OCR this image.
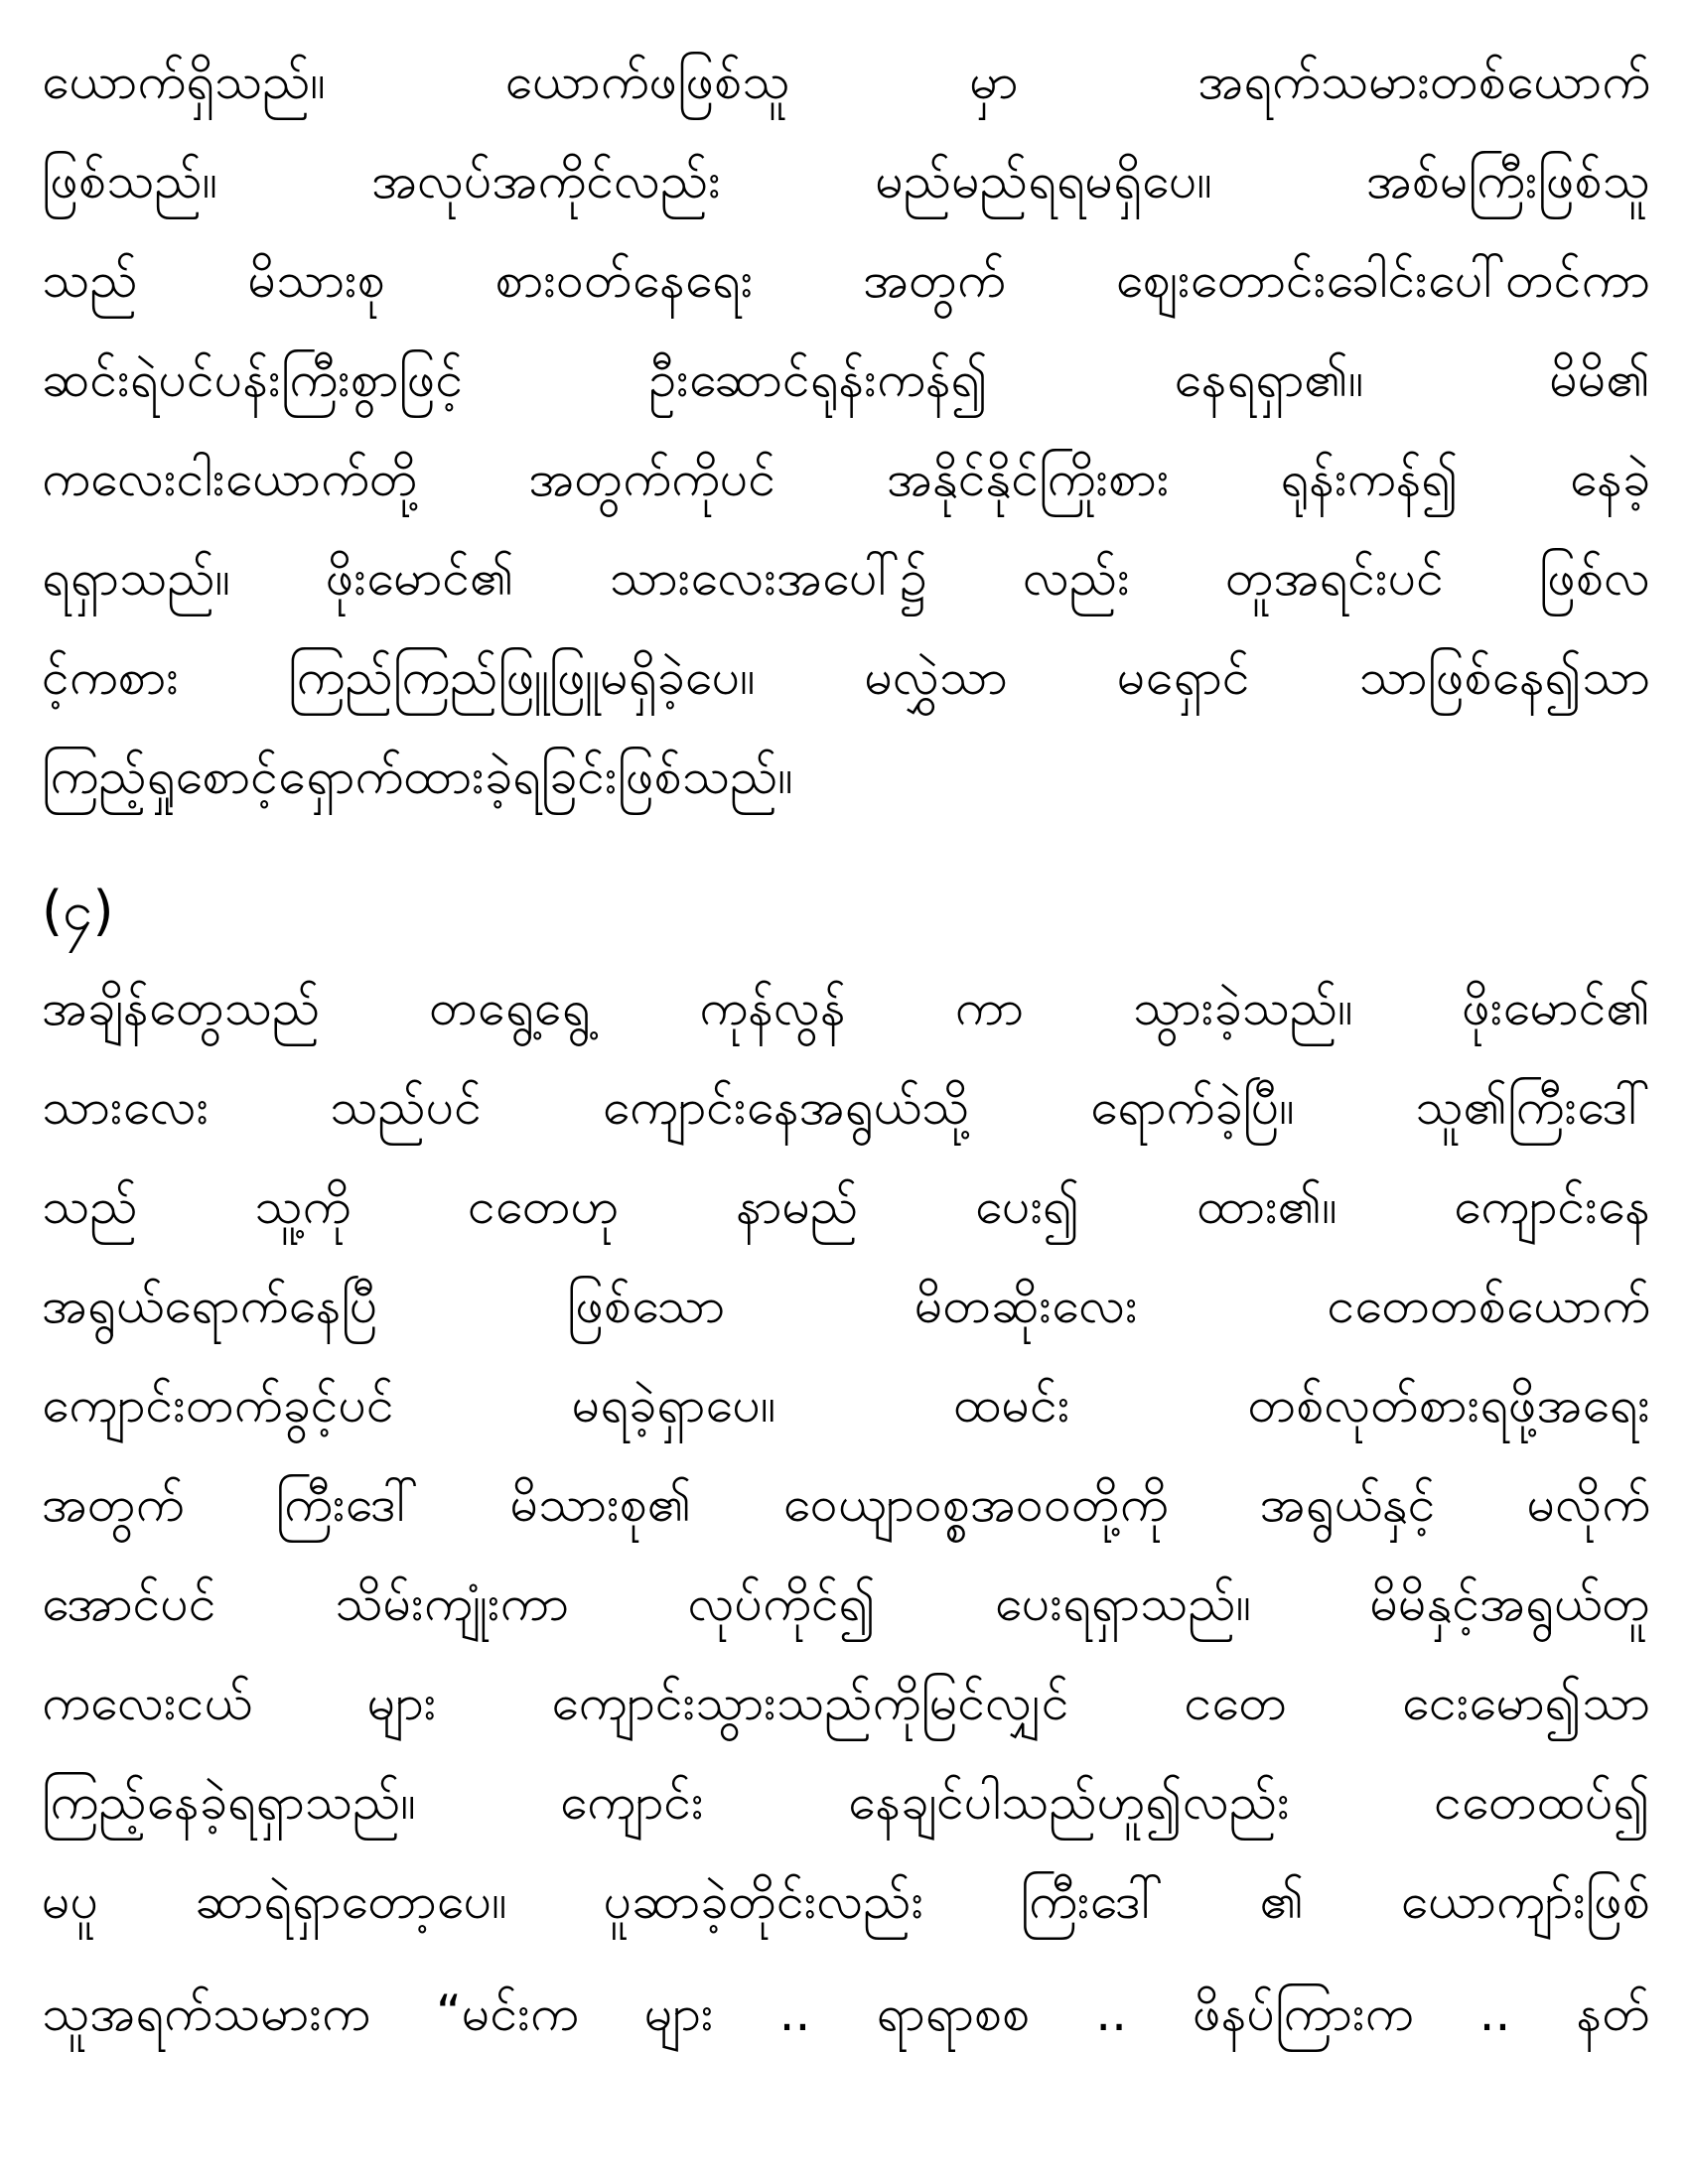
ယောက်ရှိသည်။ ယောက်ဖဖြစ်သူ မှာ အရက်သမားတစ်ယောက်
ဖြစ်သည်။ အလုပ်အကိုင်လည်း မည်မည်ရရမရှိပေ။ အစ်မကြီးဖြစ်သူ
သည် မိသားစု စားဝတ်နေရေး အတွက် ဈေးတောင်းခေါင်းပေါ်တင်ကာ
ဆင်းရဲပင်ပန်းကြီးစွာဖြင့် ဦးဆောင်ရုန်းကန်၍ နေရရှာ၏။ မိမိ၏
ကလေးငါးယောက်တို့ အတွက်ကိုပင် အနိုင်နိုင်ကြိုးစား ရုန်းကန်၍ နေခဲ့
ရရှာသည်။ ဖိုးမောင်၏ သားလေးအပေါ်၌ လည်း တူအရင်းပင် ဖြစ်လ
င့်ကစား ကြည်ကြည်ဖြူဖြူမရှိခဲ့ပေ။ မလွှဲသာ မရှောင် သာဖြစ်နေ၍သာ
ကြည့်ရှုစောင့်ရှောက်ထားခဲ့ရခြင်းဖြစ်သည်။
(၄)
အချိန်တွေသည် တရွေ့ရွေ့ ကုန်လွန် ကာ သွားခဲ့သည်။ ဖိုးမောင်၏
သားလေး သည်ပင် ကျောင်းနေအရွယ်သို့ ရောက်ခဲ့ပြီ။ သူ၏ကြီးဒေါ်
သည် သူ့ကို ငတေဟု နာမည် ပေး၍ ထား၏။ ကျောင်းနေ
အရွယ်ရောက်နေပြီ ဖြစ်သော မိတဆိုးလေး ငတေတစ်ယောက်
ကျောင်းတက်ခွင့်ပင် မရခဲ့ရှာပေ။ ထမင်း တစ်လုတ်စားရဖို့အရေး
အတွက် ကြီးဒေါ် မိသားစု၏ ဝေယျာဝစ္စအဝဝတို့ကို အရွယ်နှင့် မလိုက်
အောင်ပင် သိမ်းကျုံးကာ လုပ်ကိုင်၍ ပေးရရှာသည်။ မိမိနှင့်အရွယ်တူ
ကလေးငယ် များ ကျောင်းသွားသည်ကိုမြင်လျှင် ငတေ ငေးမော၍သာ
ကြည့်နေခဲ့ရရှာသည်။ ကျောင်း နေချင်ပါသည်ဟူ၍လည်း ငတေထပ်၍
မပူ ဆာရဲရှာတော့ပေ။ ပူဆာခဲ့တိုင်းလည်း ကြီးဒေါ် ၏ ယောကျာ်းဖြစ်
သူအရက်သမားက “မင်းက များ .. ရာရာစစ .. ဖိနပ်ကြားက .. နတ်
